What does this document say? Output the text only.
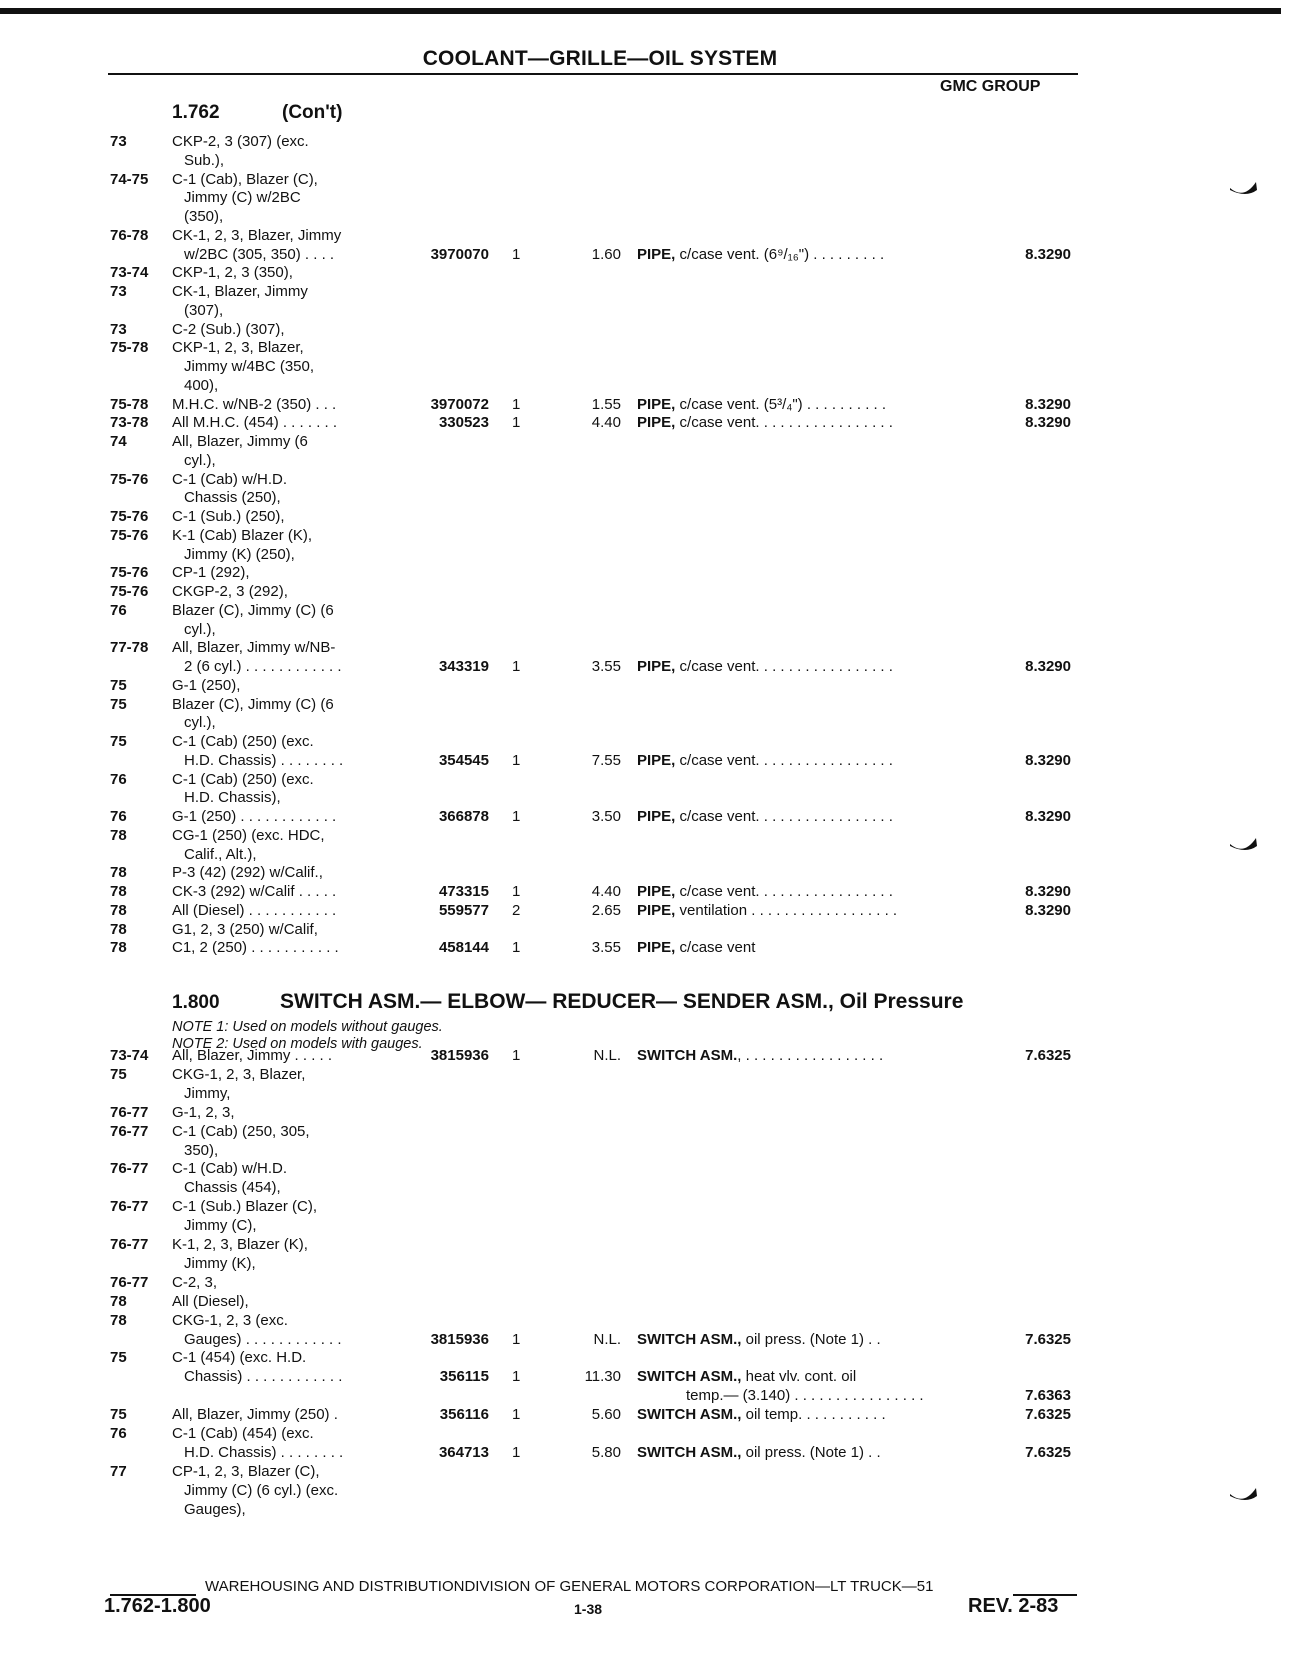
COOLANT—GRILLE—OIL SYSTEM
GMC GROUP
1.762	(Con't)
73	CKP-2, 3 (307) (exc.
Sub.),
74-75 C-1 (Cab), Blazer (C),
Jimmy (C) w/2BC
(350),
76-78 CK-1, 2, 3, Blazer, Jimmy
w/2BC (305, 350) . . . .	3970070 1	1.60 PIPE, c/case vent. (6⁹/₁₆") . . . . . . . . .	8.3290
73-74 CKP-1, 2, 3 (350),
73	CK-1, Blazer, Jimmy
(307),
73	C-2 (Sub.) (307),
75-78 CKP-1, 2, 3, Blazer,
Jimmy w/4BC (350,
400),
75-78 M.H.C. w/NB-2 (350) . . .	3970072 1	1.55 PIPE, c/case vent. (5³/₄") . . . . . . . . . .	8.3290
73-78 All M.H.C. (454) . . . . . . .	330523 1	4.40 PIPE, c/case vent. . . . . . . . . . . . . . . . .	8.3290
74	All, Blazer, Jimmy (6
cyl.),
75-76 C-1 (Cab) w/H.D.
Chassis (250),
75-76 C-1 (Sub.) (250),
75-76 K-1 (Cab) Blazer (K),
Jimmy (K) (250),
75-76 CP-1 (292),
75-76 CKGP-2, 3 (292),
76	Blazer (C), Jimmy (C) (6
cyl.),
77-78 All, Blazer, Jimmy w/NB-
2 (6 cyl.) . . . . . . . . . . . .	343319 1	3.55 PIPE, c/case vent. . . . . . . . . . . . . . . . .	8.3290
75	G-1 (250),
75	Blazer (C), Jimmy (C) (6
cyl.),
75	C-1 (Cab) (250) (exc.
H.D. Chassis) . . . . . . . .	354545 1	7.55 PIPE, c/case vent. . . . . . . . . . . . . . . . .	8.3290
76	C-1 (Cab) (250) (exc.
H.D. Chassis),
76	G-1 (250) . . . . . . . . . . . .	366878 1	3.50 PIPE, c/case vent. . . . . . . . . . . . . . . . .	8.3290
78	CG-1 (250) (exc. HDC,
Calif., Alt.),
78	P-3 (42) (292) w/Calif.,
78	CK-3 (292) w/Calif . . . . .	473315 1	4.40 PIPE, c/case vent. . . . . . . . . . . . . . . . .	8.3290
78	All (Diesel) . . . . . . . . . . .	559577 2	2.65 PIPE, ventilation . . . . . . . . . . . . . . . . . .	8.3290
78	G1, 2, 3 (250) w/Calif,
78	C1, 2 (250) . . . . . . . . . . .	458144 1	3.55 PIPE, c/case vent
1.800	SWITCH ASM.— ELBOW— REDUCER— SENDER ASM., Oil Pressure
NOTE 1: Used on models without gauges.
NOTE 2: Used on models with gauges.
73-74 All, Blazer, Jimmy . . . . .	3815936 1	N.L. SWITCH ASM., . . . . . . . . . . . . . . . . .	7.6325
75	CKG-1, 2, 3, Blazer,
Jimmy,
76-77 G-1, 2, 3,
76-77 C-1 (Cab) (250, 305,
350),
76-77 C-1 (Cab) w/H.D.
Chassis (454),
76-77 C-1 (Sub.) Blazer (C),
Jimmy (C),
76-77 K-1, 2, 3, Blazer (K),
Jimmy (K),
76-77 C-2, 3,
78	All (Diesel),
78	CKG-1, 2, 3 (exc.
Gauges) . . . . . . . . . . . .	3815936 1	N.L. SWITCH ASM., oil press. (Note 1) . .	7.6325
75	C-1 (454) (exc. H.D.
Chassis) . . . . . . . . . . . .	356115 1	11.30 SWITCH ASM., heat vlv. cont. oil
temp.— (3.140) . . . . . . . . . . . . . . . .	7.6363
75	All, Blazer, Jimmy (250) .	356116 1	5.60 SWITCH ASM., oil temp. . . . . . . . . . .	7.6325
76	C-1 (Cab) (454) (exc.
H.D. Chassis) . . . . . . . .	364713 1	5.80 SWITCH ASM., oil press. (Note 1) . .	7.6325
77	CP-1, 2, 3, Blazer (C),
Jimmy (C) (6 cyl.) (exc.
Gauges),
WAREHOUSING AND DISTRIBUTIONDIVISION OF GENERAL MOTORS CORPORATION—LT TRUCK—51
1.762-1.800	1-38	REV. 2-83
